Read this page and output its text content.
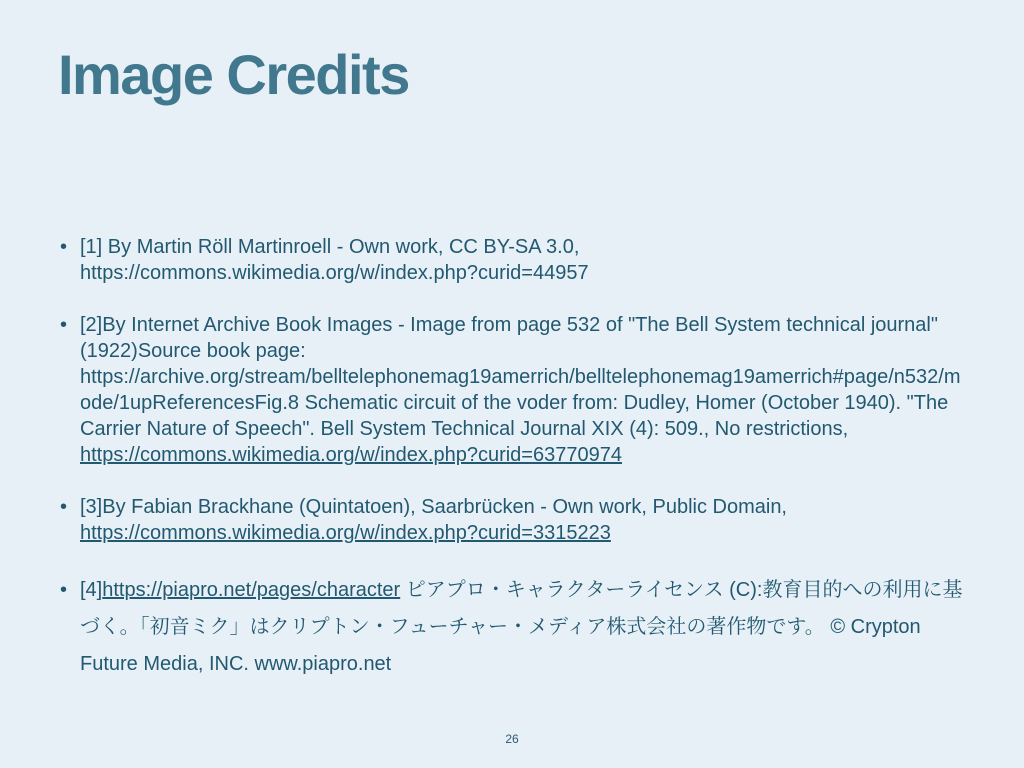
Image Credits
• [1] By Martin Röll Martinroell - Own work, CC BY-SA 3.0, https://commons.wikimedia.org/w/index.php?curid=44957
• [2]By Internet Archive Book Images - Image from page 532 of "The Bell System technical journal" (1922)Source book page: https://archive.org/stream/belltelephonemag19amerrich/belltelephonemag19amerrich#page/n532/mode/1upReferencesFig.8 Schematic circuit of the voder from: Dudley, Homer (October 1940). "The Carrier Nature of Speech". Bell System Technical Journal XIX (4): 509., No restrictions, https://commons.wikimedia.org/w/index.php?curid=63770974
• [3]By Fabian Brackhane (Quintatoen), Saarbrücken - Own work, Public Domain, https://commons.wikimedia.org/w/index.php?curid=3315223
• [4]https://piapro.net/pages/character ピアプロ・キャラクターライセンス (C):教育目的への利用に基づく。「初音ミク」はクリプトン・フューチャー・メディア株式会社の著作物です。 © Crypton Future Media, INC. www.piapro.net
26
